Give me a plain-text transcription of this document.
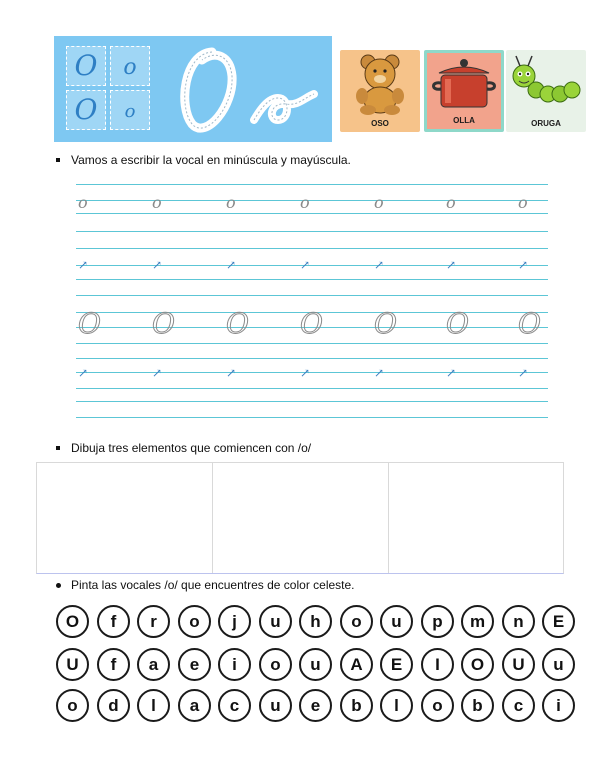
O	o
O	o
OSO	OLLA	ORUGA
Vamos a escribir la vocal en minúscula y mayúscula.
o
↗
O
↗
o
↗
O
↗
o
↗
O
↗
o
↗
O
↗
o
↗
O
↗
o
↗
O
↗
o
↗
O
↗
Dibuja tres elementos que comiencen con /o/
Pinta las vocales /o/ que encuentres de color celeste.
O	f	r	o	j	u	h	o	u	p	m	n	E
U	f	a	e	i	o	u	A	E	I	O	U	u
o	d	l	a	c	u	e	b	l	o	b	c	i
